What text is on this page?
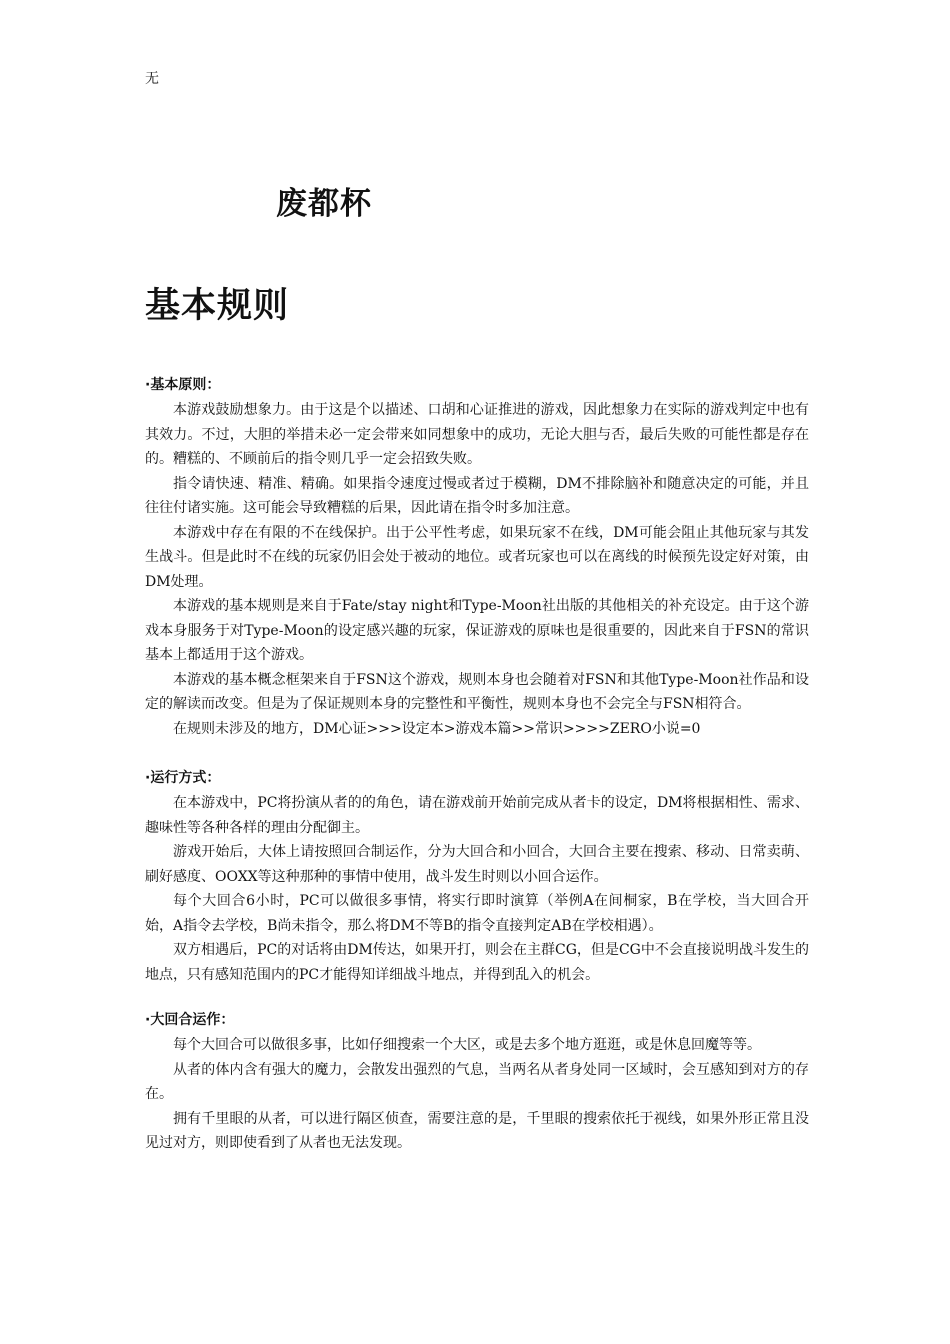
无
废都杯
基本规则

·基本原则：

本游戏鼓励想象力。由于这是个以描述、口胡和心证推进的游戏，因此想象力在实际的游戏判定中也有其效力。不过，大胆的举措未必一定会带来如同想象中的成功，无论大胆与否，最后失败的可能性都是存在的。糟糕的、不顾前后的指令则几乎一定会招致失败。

指令请快速、精准、精确。如果指令速度过慢或者过于模糊，DM不排除脑补和随意决定的可能，并且往往付诸实施。这可能会导致糟糕的后果，因此请在指令时多加注意。

本游戏中存在有限的不在线保护。出于公平性考虑，如果玩家不在线，DM可能会阻止其他玩家与其发生战斗。但是此时不在线的玩家仍旧会处于被动的地位。或者玩家也可以在离线的时候预先设定好对策，由DM处理。

本游戏的基本规则是来自于Fate/stay night和Type-Moon社出版的其他相关的补充设定。由于这个游戏本身服务于对Type-Moon的设定感兴趣的玩家，保证游戏的原味也是很重要的，因此来自于FSN的常识基本上都适用于这个游戏。

本游戏的基本概念框架来自于FSN这个游戏，规则本身也会随着对FSN和其他Type-Moon社作品和设定的解读而改变。但是为了保证规则本身的完整性和平衡性，规则本身也不会完全与FSN相符合。

在规则未涉及的地方，DM心证>>>设定本>游戏本篇>>常识>>>>ZERO小说=0

·运行方式：

在本游戏中，PC将扮演从者的的角色，请在游戏前开始前完成从者卡的设定，DM将根据相性、需求、趣味性等各种各样的理由分配御主。

游戏开始后，大体上请按照回合制运作，分为大回合和小回合，大回合主要在搜索、移动、日常卖萌、刷好感度、OOXX等这种那种的事情中使用，战斗发生时则以小回合运作。

每个大回合6小时，PC可以做很多事情，将实行即时演算（举例A在间桐家，B在学校，当大回合开始，A指令去学校，B尚未指令，那么将DM不等B的指令直接判定AB在学校相遇）。

双方相遇后，PC的对话将由DM传达，如果开打，则会在主群CG，但是CG中不会直接说明战斗发生的地点，只有感知范围内的PC才能得知详细战斗地点，并得到乱入的机会。

·大回合运作：

每个大回合可以做很多事，比如仔细搜索一个大区，或是去多个地方逛逛，或是休息回魔等等。

从者的体内含有强大的魔力，会散发出强烈的气息，当两名从者身处同一区域时，会互感知到对方的存在。

拥有千里眼的从者，可以进行隔区侦查，需要注意的是，千里眼的搜索依托于视线，如果外形正常且没见过对方，则即使看到了从者也无法发现。
